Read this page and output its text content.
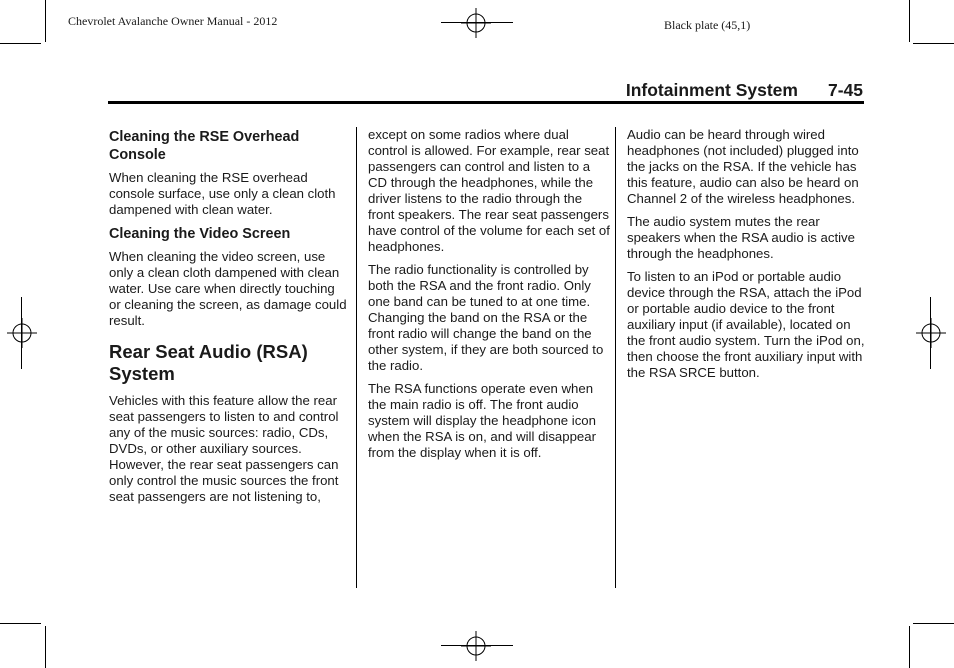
Chevrolet Avalanche Owner Manual - 2012	Black plate (45,1)
Infotainment System 7-45
Cleaning the RSE Overhead Console

When cleaning the RSE overhead console surface, use only a clean cloth dampened with clean water.

Cleaning the Video Screen

When cleaning the video screen, use only a clean cloth dampened with clean water. Use care when directly touching or cleaning the screen, as damage could result.

Rear Seat Audio (RSA) System

Vehicles with this feature allow the rear seat passengers to listen to and control any of the music sources: radio, CDs, DVDs, or other auxiliary sources. However, the rear seat passengers can only control the music sources the front seat passengers are not listening to,

except on some radios where dual control is allowed. For example, rear seat passengers can control and listen to a CD through the headphones, while the driver listens to the radio through the front speakers. The rear seat passengers have control of the volume for each set of headphones.

The radio functionality is controlled by both the RSA and the front radio. Only one band can be tuned to at one time. Changing the band on the RSA or the front radio will change the band on the other system, if they are both sourced to the radio.

The RSA functions operate even when the main radio is off. The front audio system will display the headphone icon when the RSA is on, and will disappear from the display when it is off.

Audio can be heard through wired headphones (not included) plugged into the jacks on the RSA. If the vehicle has this feature, audio can also be heard on Channel 2 of the wireless headphones.

The audio system mutes the rear speakers when the RSA audio is active through the headphones.

To listen to an iPod or portable audio device through the RSA, attach the iPod or portable audio device to the front auxiliary input (if available), located on the front audio system. Turn the iPod on, then choose the front auxiliary input with the RSA SRCE button.
